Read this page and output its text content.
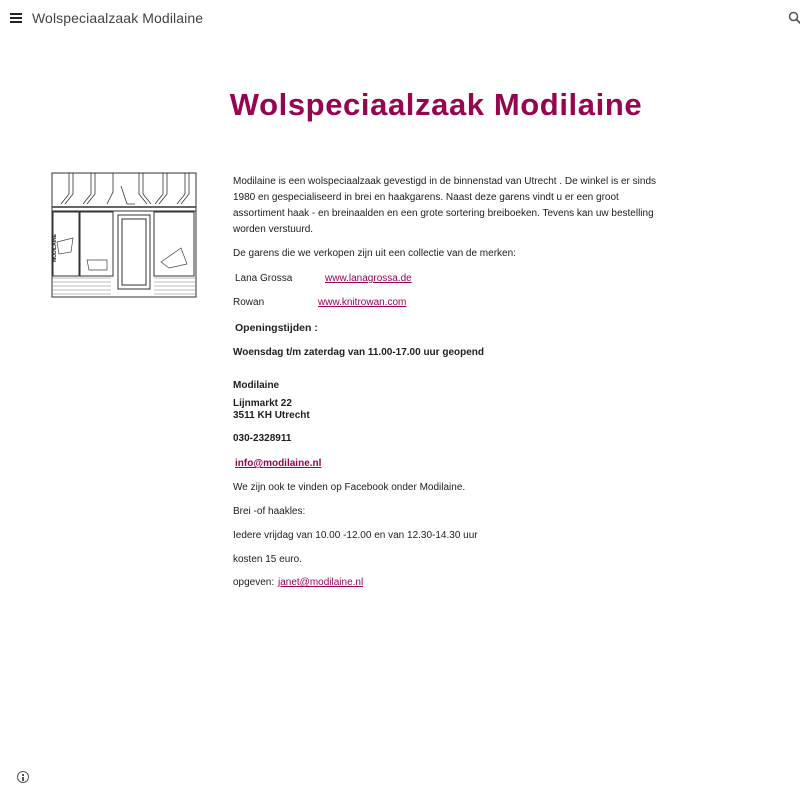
Wolspeciaalzaak Modilaine
Wolspeciaalzaak Modilaine
MODILAINE
Modilaine is een wolspeciaalzaak gevestigd in de binnenstad van Utrecht . De winkel is er sinds
1980 en gespecialiseerd in brei en haakgarens. Naast deze garens vindt u er een groot
assortiment haak - en breinaalden en een grote sortering breiboeken. Tevens kan uw bestelling
worden verstuurd.
De garens die we verkopen zijn uit een collectie van de merken:
Lana Grossa	www.lanagrossa.de
Rowan	www.knitrowan.com
Openingstijden :
Woensdag t/m zaterdag van 11.00-17.00 uur geopend
Modilaine
Lijnmarkt 22
3511 KH Utrecht
030-2328911
info@modilaine.nl
We zijn ook te vinden op Facebook onder Modilaine.
Brei -of haakles:
Iedere vrijdag van 10.00 -12.00 en van 12.30-14.30 uur
kosten 15 euro.
opgeven: janet@modilaine.nl
